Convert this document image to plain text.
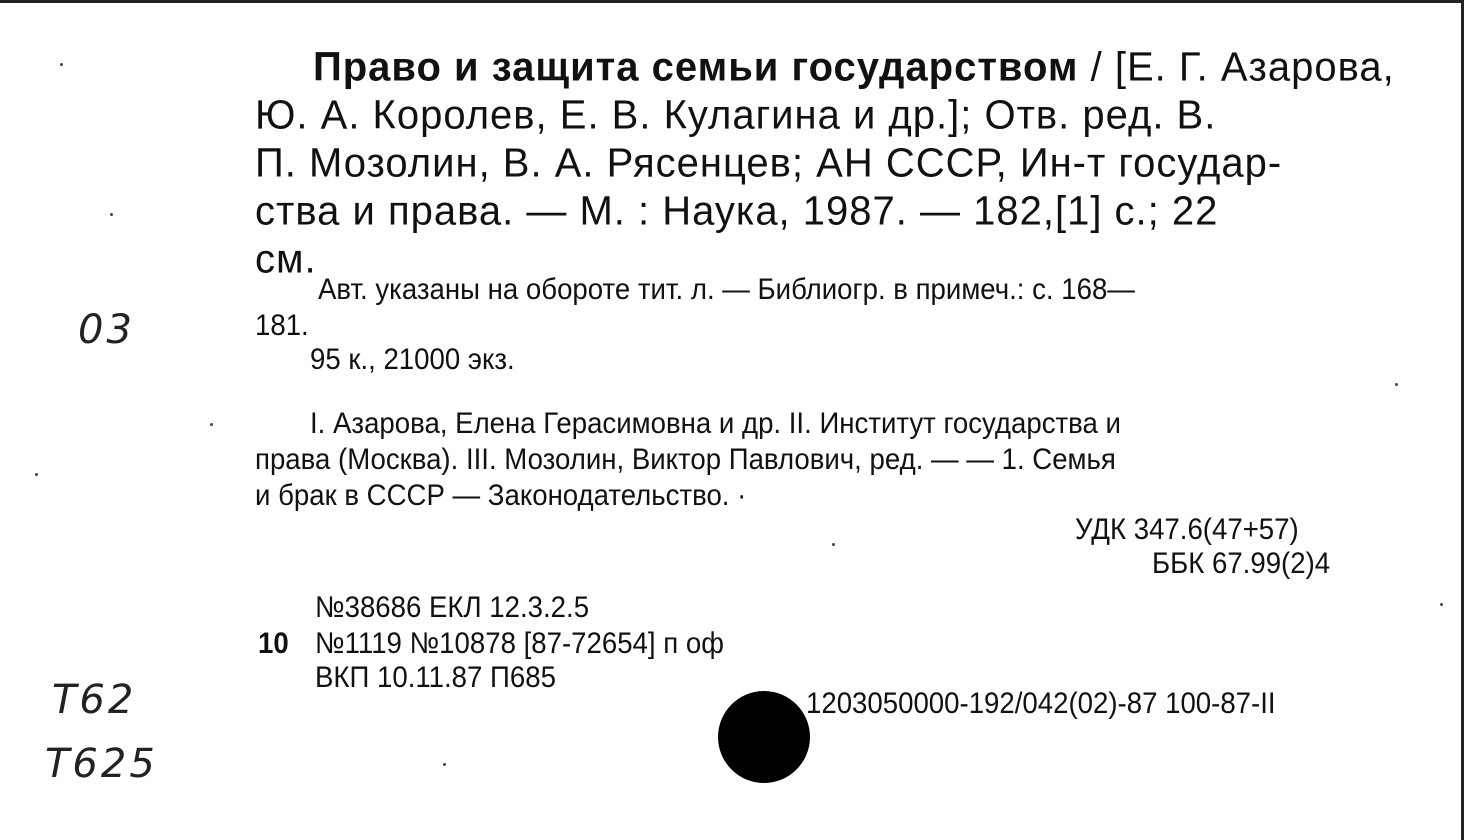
Право и защита семьи государством / [Е. Г. Азарова,
Ю. А. Королев, Е. В. Кулагина и др.]; Отв. ред. В.
П. Мозолин, В. А. Рясенцев; АН СССР, Ин-т государ-
ства и права. — М. : Наука, 1987. — 182,[1] с.; 22
см.
Авт. указаны на обороте тит. л. — Библиогр. в примеч.: с. 168—
181.
95 к., 21000 экз.
I. Азарова, Елена Герасимовна и др. II. Институт государства и
права (Москва). III. Мозолин, Виктор Павлович, ред. — — 1. Семья
и брак в СССР — Законодательство. ·
УДК 347.6(47+57)
ББК 67.99(2)4
№38686 ЕКЛ 12.3.2.5
10 №1119 №10878 [87-72654] п оф
ВКП 10.11.87 П685
1203050000-192/042(02)-87 100-87-II
03
Т62
Т625
